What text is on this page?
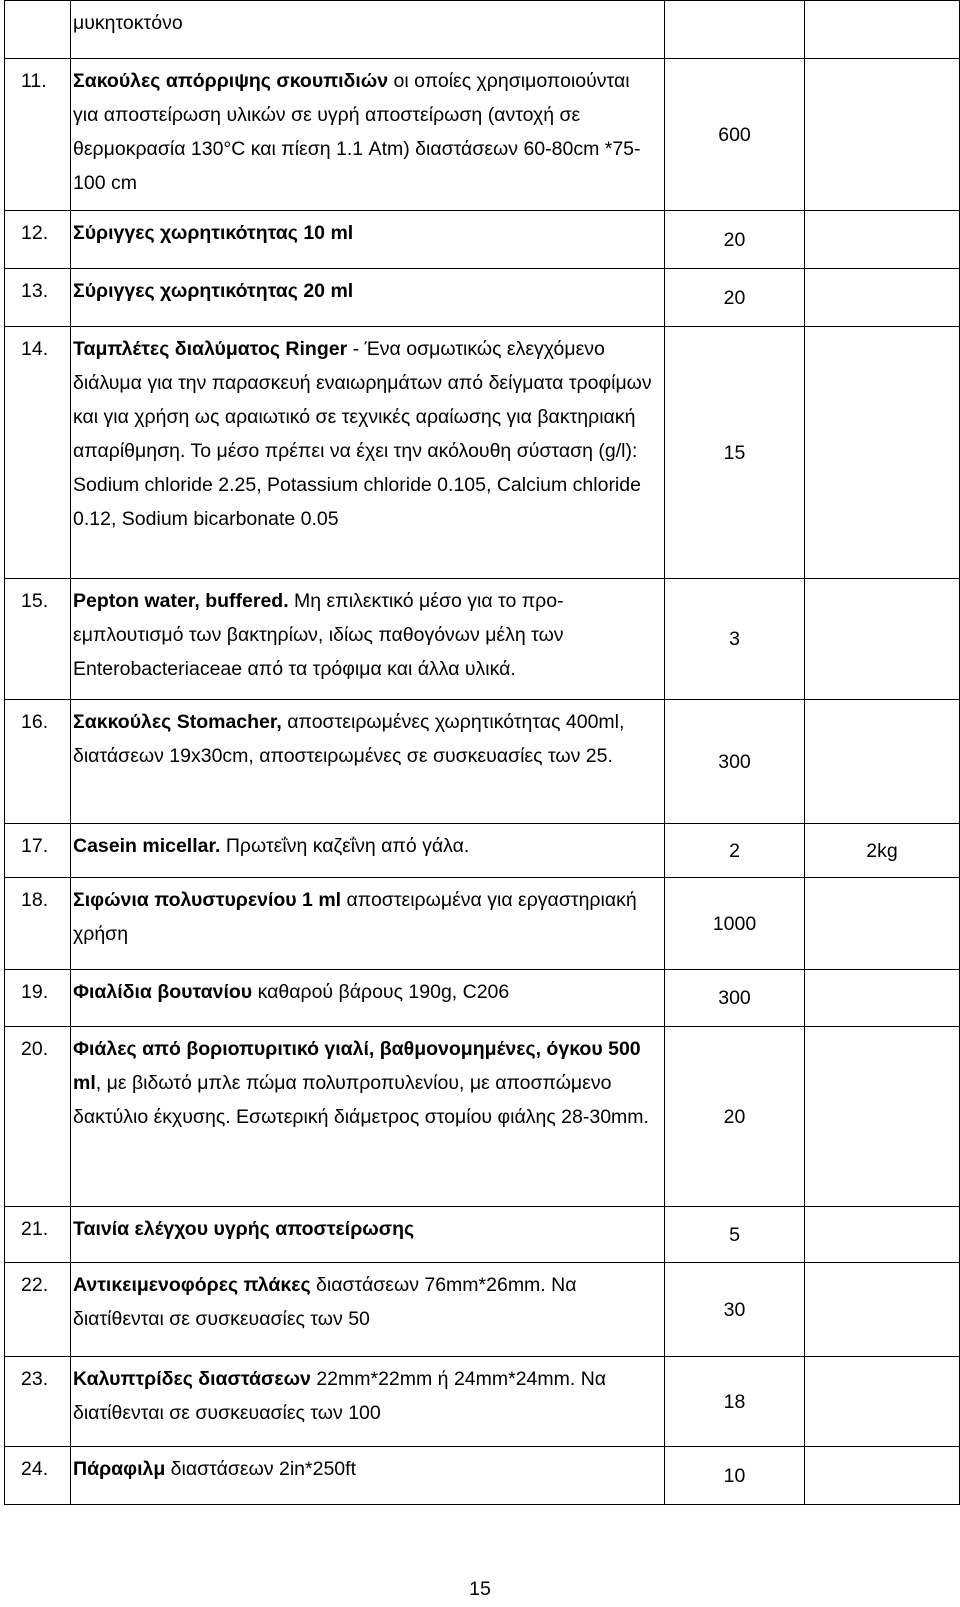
	μυκητοκτόνο		
11.	Σακούλες απόρριψης σκουπιδιών οι οποίες χρησιμοποιούνται για αποστείρωση υλικών σε υγρή αποστείρωση (αντοχή σε θερμοκρασία 130°C και πίεση 1.1 Atm) διαστάσεων 60-80cm *75-100 cm	600	
12.	Σύριγγες χωρητικότητας 10 ml	20	
13.	Σύριγγες χωρητικότητας 20 ml	20	
14.	Ταμπλέτες διαλύματος Ringer - Ένα οσμωτικώς ελεγχόμενο διάλυμα για την παρασκευή εναιωρημάτων από δείγματα τροφίμων και για χρήση ως αραιωτικό σε τεχνικές αραίωσης για βακτηριακή απαρίθμηση. Το μέσο πρέπει να έχει την ακόλουθη σύσταση (g/l): Sodium chloride 2.25, Potassium chloride 0.105, Calcium chloride 0.12, Sodium bicarbonate 0.05	15	
15.	Pepton water, buffered. Μη επιλεκτικό μέσο για το προ-εμπλουτισμό των βακτηρίων, ιδίως παθογόνων μέλη των Enterobacteriaceae από τα τρόφιμα και άλλα υλικά.	3	
16.	Σακκούλες Stomacher, αποστειρωμένες χωρητικότητας 400ml, διατάσεων 19x30cm, αποστειρωμένες σε συσκευασίες των 25.	300	
17.	Casein micellar. Πρωτεΐνη καζεΐνη από γάλα.	2	2kg
18.	Σιφώνια πολυστυρενίου 1 ml αποστειρωμένα για εργαστηριακή χρήση	1000	
19.	Φιαλίδια βουτανίου καθαρού βάρους 190g, C206	300	
20.	Φιάλες από βοριοπυριτικό γιαλί, βαθμονομημένες, όγκου 500 ml, με βιδωτό μπλε πώμα πολυπροπυλενίου, με αποσπώμενο δακτύλιο έκχυσης. Εσωτερική διάμετρος στομίου φιάλης 28-30mm.	20	
21.	Ταινία ελέγχου υγρής αποστείρωσης	5	
22.	Αντικειμενοφόρες πλάκες διαστάσεων 76mm*26mm. Να διατίθενται σε συσκευασίες των 50	30	
23.	Καλυπτρίδες διαστάσεων 22mm*22mm ή 24mm*24mm. Να διατίθενται σε συσκευασίες των 100	18	
24.	Πάραφιλμ διαστάσεων 2in*250ft	10	
15
